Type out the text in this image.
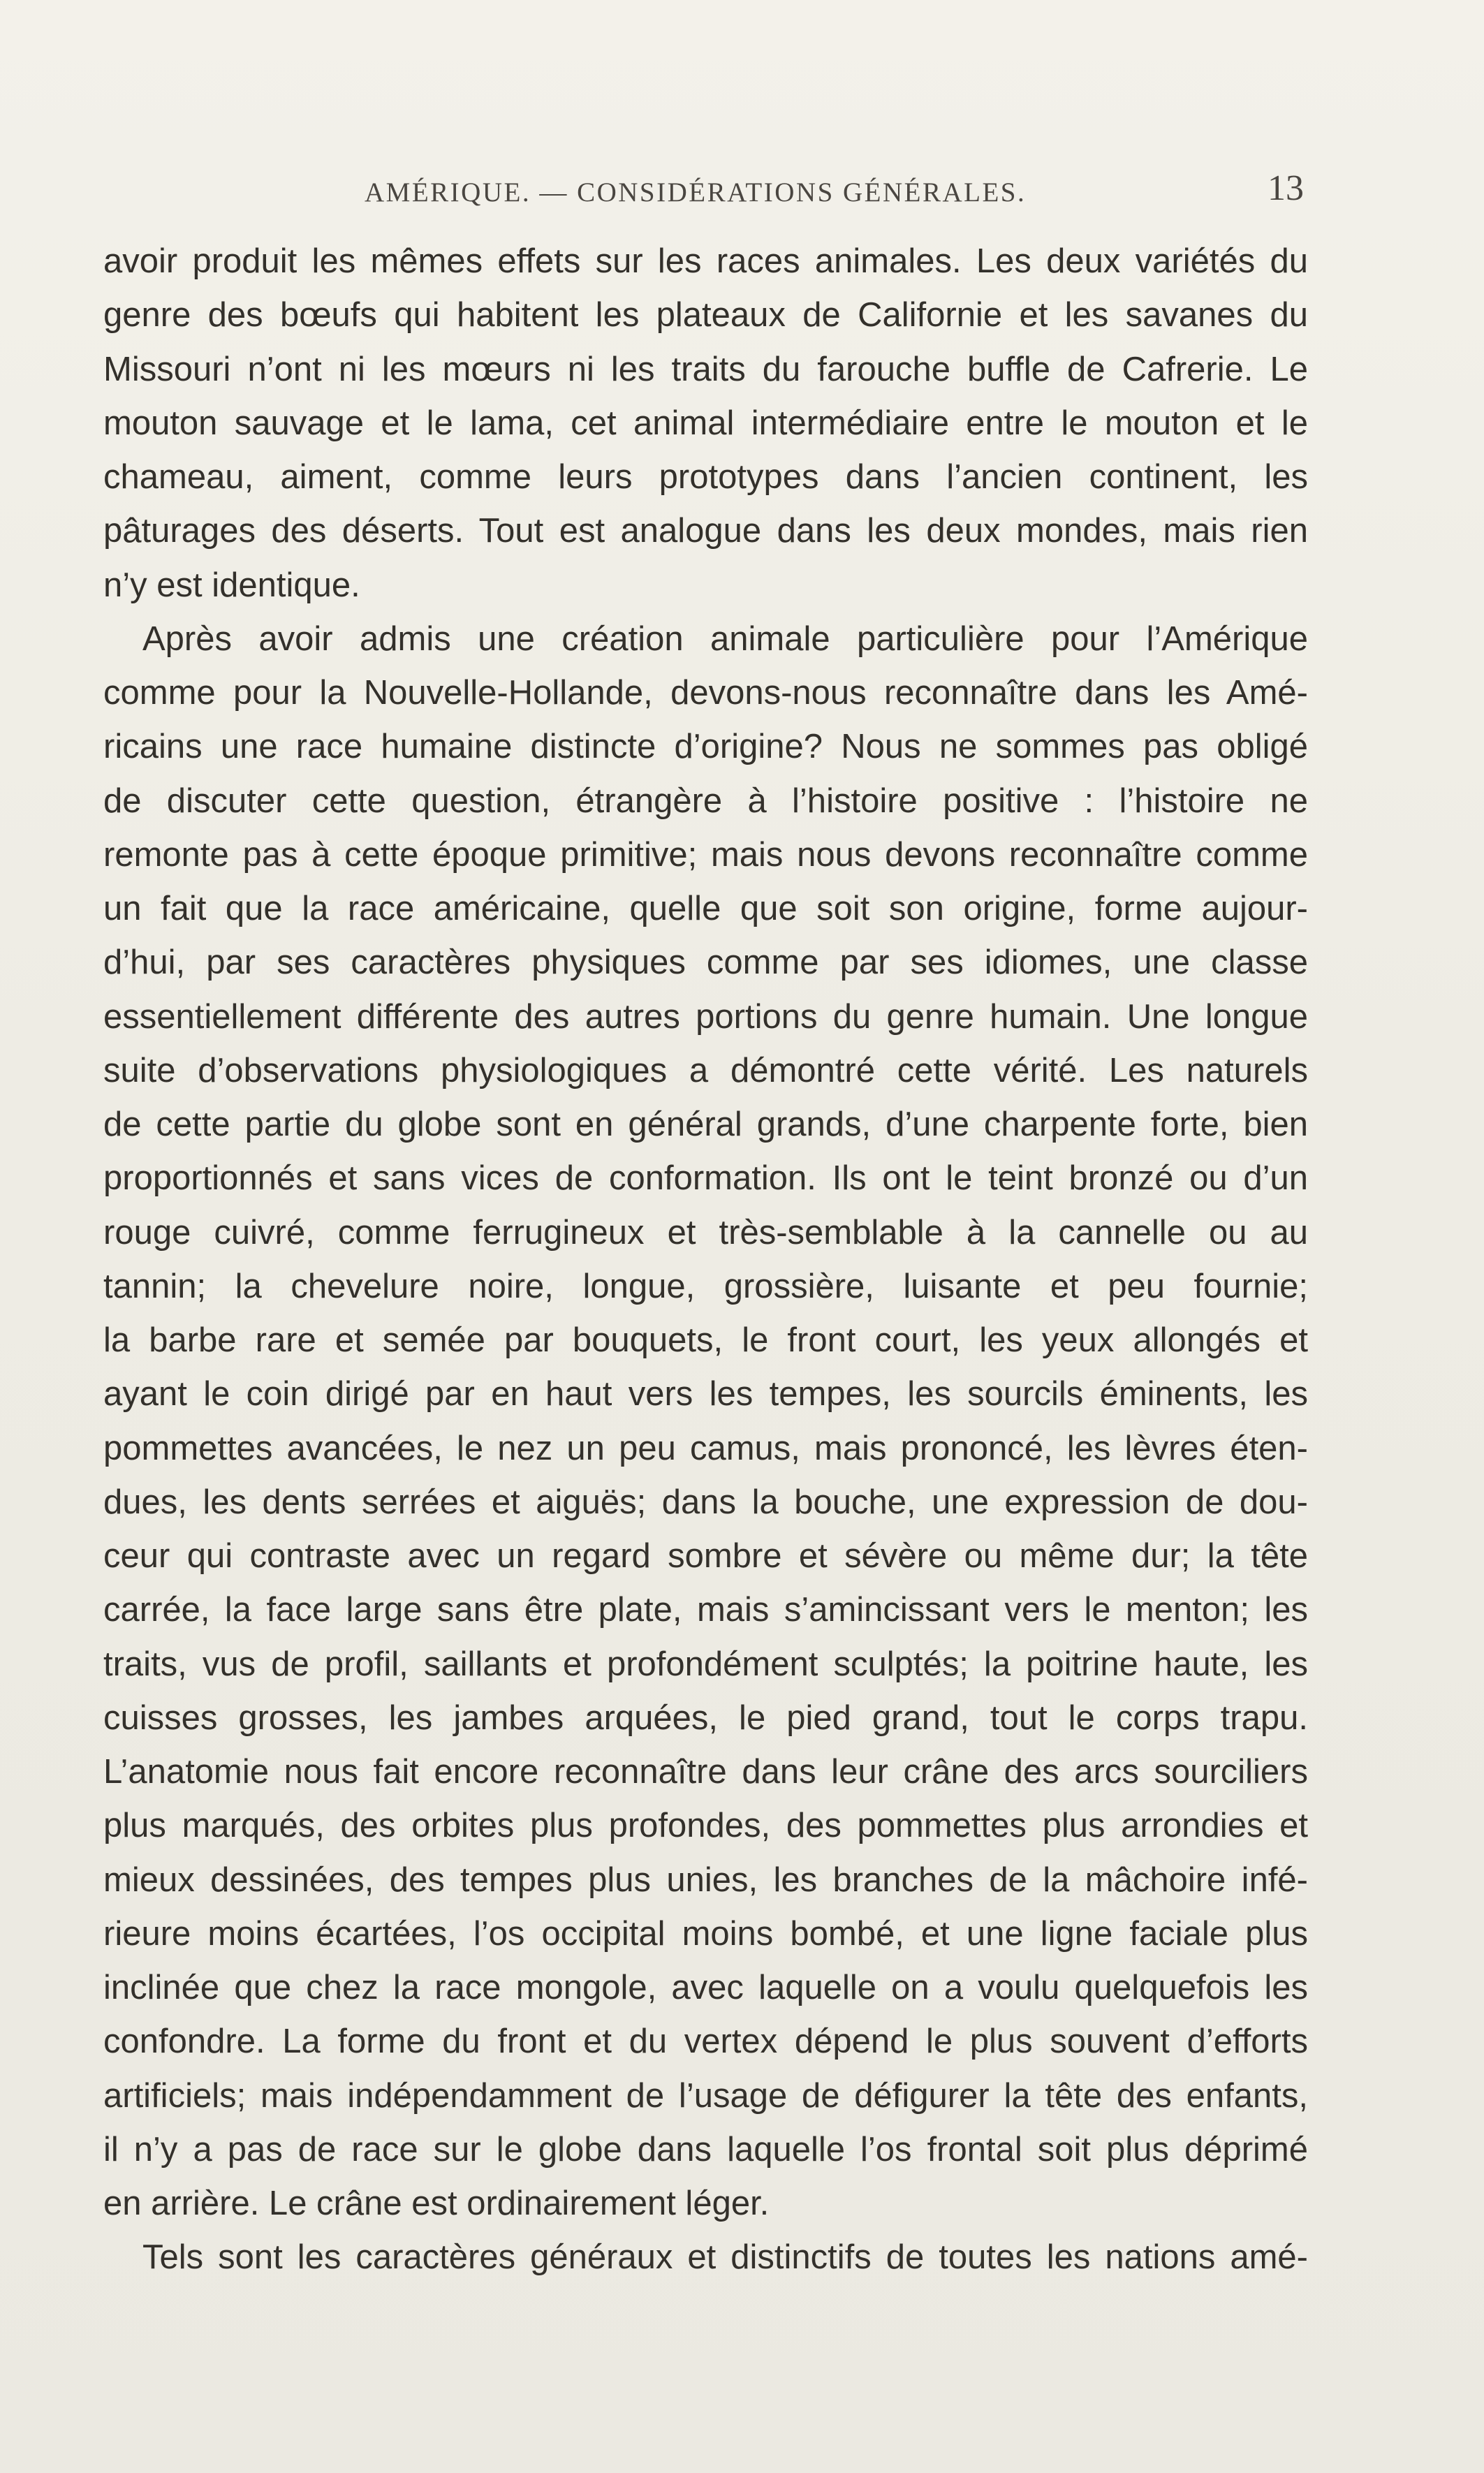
AMÉRIQUE. — CONSIDÉRATIONS GÉNÉRALES.	13
avoir produit les mêmes effets sur les races animales. Les deux variétés du
genre des bœufs qui habitent les plateaux de Californie et les savanes du
Missouri n’ont ni les mœurs ni les traits du farouche buffle de Cafrerie. Le
mouton sauvage et le lama, cet animal intermédiaire entre le mouton et le
chameau, aiment, comme leurs prototypes dans l’ancien continent, les
pâturages des déserts. Tout est analogue dans les deux mondes, mais rien
n’y est identique.
Après avoir admis une création animale particulière pour l’Amérique
comme pour la Nouvelle-Hollande, devons-nous reconnaître dans les Amé-
ricains une race humaine distincte d’origine? Nous ne sommes pas obligé
de discuter cette question, étrangère à l’histoire positive : l’histoire ne
remonte pas à cette époque primitive; mais nous devons reconnaître comme
un fait que la race américaine, quelle que soit son origine, forme aujour-
d’hui, par ses caractères physiques comme par ses idiomes, une classe
essentiellement différente des autres portions du genre humain. Une longue
suite d’observations physiologiques a démontré cette vérité. Les naturels
de cette partie du globe sont en général grands, d’une charpente forte, bien
proportionnés et sans vices de conformation. Ils ont le teint bronzé ou d’un
rouge cuivré, comme ferrugineux et très-semblable à la cannelle ou au
tannin; la chevelure noire, longue, grossière, luisante et peu fournie;
la barbe rare et semée par bouquets, le front court, les yeux allongés et
ayant le coin dirigé par en haut vers les tempes, les sourcils éminents, les
pommettes avancées, le nez un peu camus, mais prononcé, les lèvres éten-
dues, les dents serrées et aiguës; dans la bouche, une expression de dou-
ceur qui contraste avec un regard sombre et sévère ou même dur; la tête
carrée, la face large sans être plate, mais s’amincissant vers le menton; les
traits, vus de profil, saillants et profondément sculptés; la poitrine haute, les
cuisses grosses, les jambes arquées, le pied grand, tout le corps trapu.
L’anatomie nous fait encore reconnaître dans leur crâne des arcs sourciliers
plus marqués, des orbites plus profondes, des pommettes plus arrondies et
mieux dessinées, des tempes plus unies, les branches de la mâchoire infé-
rieure moins écartées, l’os occipital moins bombé, et une ligne faciale plus
inclinée que chez la race mongole, avec laquelle on a voulu quelquefois les
confondre. La forme du front et du vertex dépend le plus souvent d’efforts
artificiels; mais indépendamment de l’usage de défigurer la tête des enfants,
il n’y a pas de race sur le globe dans laquelle l’os frontal soit plus déprimé
en arrière. Le crâne est ordinairement léger.
Tels sont les caractères généraux et distinctifs de toutes les nations amé-
